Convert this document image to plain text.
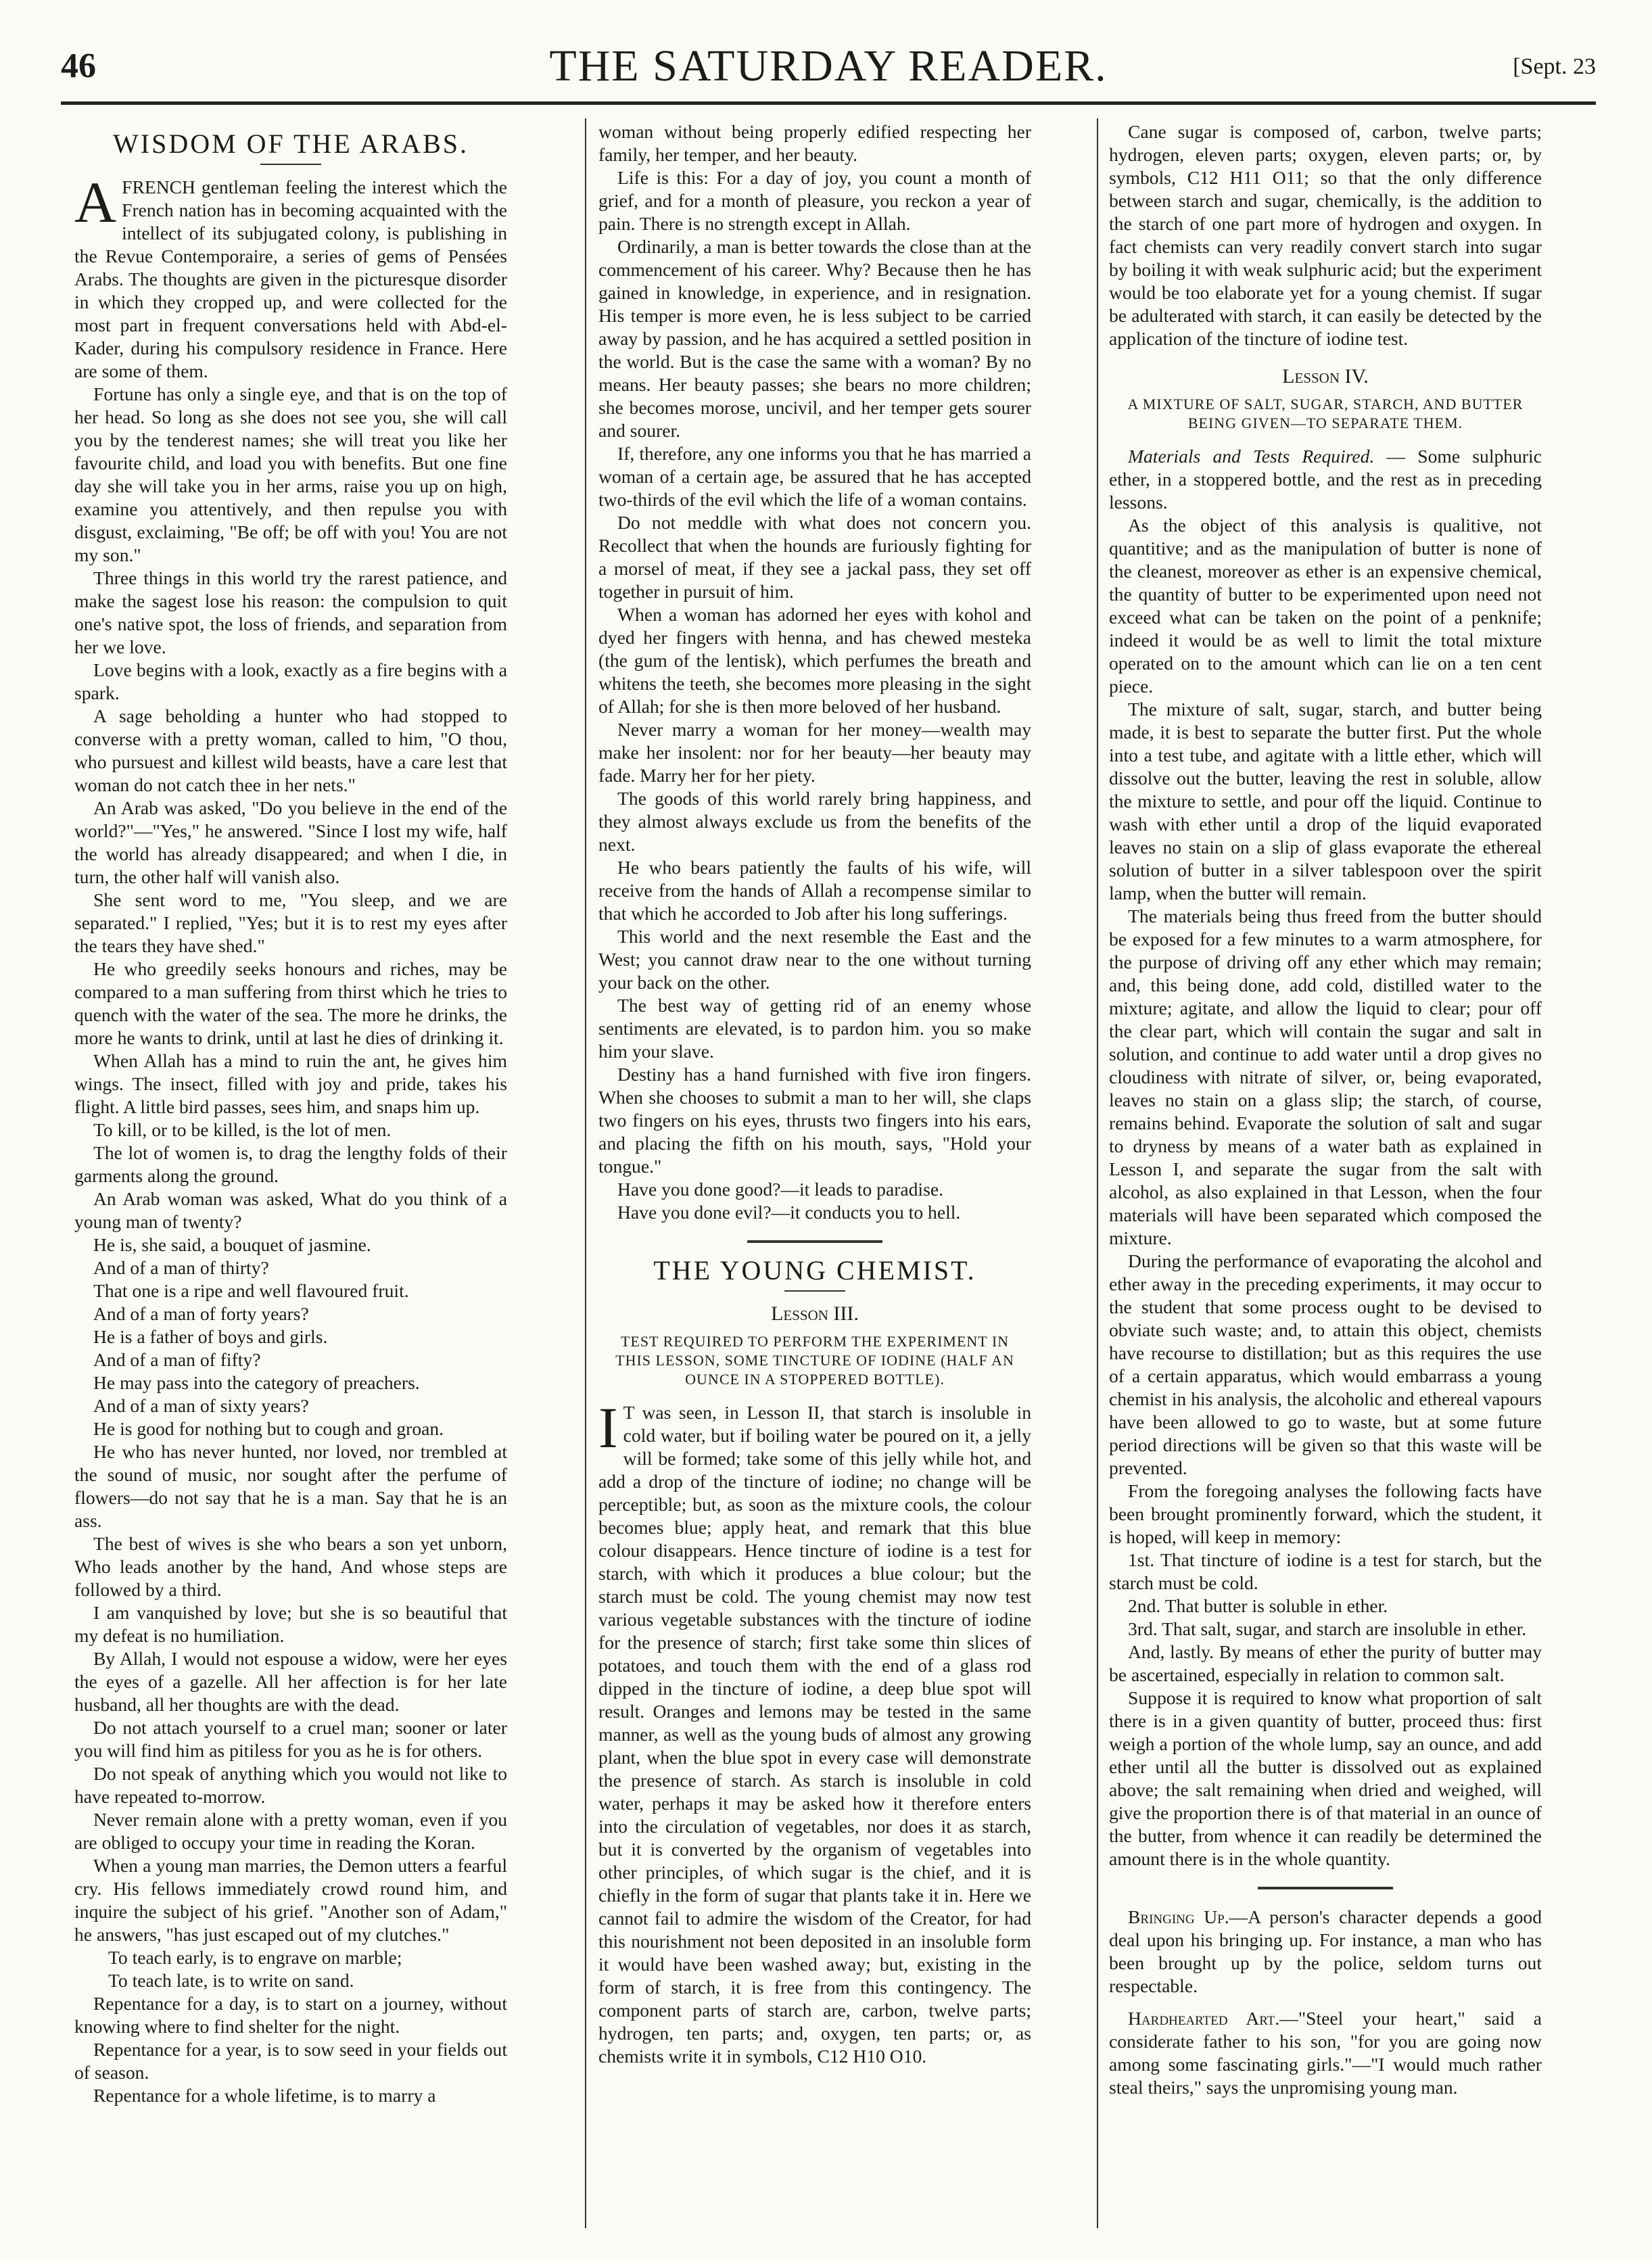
46	THE SATURDAY READER.	[Sept. 23
WISDOM OF THE ARABS.

AFRENCH gentleman feeling the interest which the French nation has in becoming acquainted with the intellect of its subjugated colony, is publishing in the Revue Contemporaire, a series of gems of Pensées Arabs. The thoughts are given in the picturesque disorder in which they cropped up, and were collected for the most part in frequent conversations held with Abd-el-Kader, during his compulsory residence in France. Here are some of them.

Fortune has only a single eye, and that is on the top of her head. So long as she does not see you, she will call you by the tenderest names; she will treat you like her favourite child, and load you with benefits. But one fine day she will take you in her arms, raise you up on high, examine you attentively, and then repulse you with disgust, exclaiming, "Be off; be off with you! You are not my son."

Three things in this world try the rarest patience, and make the sagest lose his reason: the compulsion to quit one's native spot, the loss of friends, and separation from her we love.

Love begins with a look, exactly as a fire begins with a spark.

A sage beholding a hunter who had stopped to converse with a pretty woman, called to him, "O thou, who pursuest and killest wild beasts, have a care lest that woman do not catch thee in her nets."

An Arab was asked, "Do you believe in the end of the world?"—"Yes," he answered. "Since I lost my wife, half the world has already disappeared; and when I die, in turn, the other half will vanish also.

She sent word to me, "You sleep, and we are separated." I replied, "Yes; but it is to rest my eyes after the tears they have shed."

He who greedily seeks honours and riches, may be compared to a man suffering from thirst which he tries to quench with the water of the sea. The more he drinks, the more he wants to drink, until at last he dies of drinking it.

When Allah has a mind to ruin the ant, he gives him wings. The insect, filled with joy and pride, takes his flight. A little bird passes, sees him, and snaps him up.

To kill, or to be killed, is the lot of men.

The lot of women is, to drag the lengthy folds of their garments along the ground.

An Arab woman was asked, What do you think of a young man of twenty?

He is, she said, a bouquet of jasmine.

And of a man of thirty?

That one is a ripe and well flavoured fruit.

And of a man of forty years?

He is a father of boys and girls.

And of a man of fifty?

He may pass into the category of preachers.

And of a man of sixty years?

He is good for nothing but to cough and groan.

He who has never hunted, nor loved, nor trembled at the sound of music, nor sought after the perfume of flowers—do not say that he is a man. Say that he is an ass.

The best of wives is she who bears a son yet unborn, Who leads another by the hand, And whose steps are followed by a third.

I am vanquished by love; but she is so beautiful that my defeat is no humiliation.

By Allah, I would not espouse a widow, were her eyes the eyes of a gazelle. All her affection is for her late husband, all her thoughts are with the dead.

Do not attach yourself to a cruel man; sooner or later you will find him as pitiless for you as he is for others.

Do not speak of anything which you would not like to have repeated to-morrow.

Never remain alone with a pretty woman, even if you are obliged to occupy your time in reading the Koran.

When a young man marries, the Demon utters a fearful cry. His fellows immediately crowd round him, and inquire the subject of his grief. "Another son of Adam," he answers, "has just escaped out of my clutches."

To teach early, is to engrave on marble;

To teach late, is to write on sand.

Repentance for a day, is to start on a journey, without knowing where to find shelter for the night.

Repentance for a year, is to sow seed in your fields out of season.

Repentance for a whole lifetime, is to marry a

woman without being properly edified respecting her family, her temper, and her beauty.

Life is this: For a day of joy, you count a month of grief, and for a month of pleasure, you reckon a year of pain. There is no strength except in Allah.

Ordinarily, a man is better towards the close than at the commencement of his career. Why? Because then he has gained in knowledge, in experience, and in resignation. His temper is more even, he is less subject to be carried away by passion, and he has acquired a settled position in the world. But is the case the same with a woman? By no means. Her beauty passes; she bears no more children; she becomes morose, uncivil, and her temper gets sourer and sourer.

If, therefore, any one informs you that he has married a woman of a certain age, be assured that he has accepted two-thirds of the evil which the life of a woman contains.

Do not meddle with what does not concern you. Recollect that when the hounds are furiously fighting for a morsel of meat, if they see a jackal pass, they set off together in pursuit of him.

When a woman has adorned her eyes with kohol and dyed her fingers with henna, and has chewed mesteka (the gum of the lentisk), which perfumes the breath and whitens the teeth, she becomes more pleasing in the sight of Allah; for she is then more beloved of her husband.

Never marry a woman for her money—wealth may make her insolent: nor for her beauty—her beauty may fade. Marry her for her piety.

The goods of this world rarely bring happiness, and they almost always exclude us from the benefits of the next.

He who bears patiently the faults of his wife, will receive from the hands of Allah a recompense similar to that which he accorded to Job after his long sufferings.

This world and the next resemble the East and the West; you cannot draw near to the one without turning your back on the other.

The best way of getting rid of an enemy whose sentiments are elevated, is to pardon him. you so make him your slave.

Destiny has a hand furnished with five iron fingers. When she chooses to submit a man to her will, she claps two fingers on his eyes, thrusts two fingers into his ears, and placing the fifth on his mouth, says, "Hold your tongue."

Have you done good?—it leads to paradise.

Have you done evil?—it conducts you to hell.

THE YOUNG CHEMIST.
Lesson III.
TEST REQUIRED TO PERFORM THE EXPERIMENT IN THIS LESSON, SOME TINCTURE OF IODINE (HALF AN OUNCE IN A STOPPERED BOTTLE).

I T was seen, in Lesson II, that starch is insoluble in cold water, but if boiling water be poured on it, a jelly will be formed; take some of this jelly while hot, and add a drop of the tincture of iodine; no change will be perceptible; but, as soon as the mixture cools, the colour becomes blue; apply heat, and remark that this blue colour disappears. Hence tincture of iodine is a test for starch, with which it produces a blue colour; but the starch must be cold. The young chemist may now test various vegetable substances with the tincture of iodine for the presence of starch; first take some thin slices of potatoes, and touch them with the end of a glass rod dipped in the tincture of iodine, a deep blue spot will result. Oranges and lemons may be tested in the same manner, as well as the young buds of almost any growing plant, when the blue spot in every case will demonstrate the presence of starch. As starch is insoluble in cold water, perhaps it may be asked how it therefore enters into the circulation of vegetables, nor does it as starch, but it is converted by the organism of vegetables into other principles, of which sugar is the chief, and it is chiefly in the form of sugar that plants take it in. Here we cannot fail to admire the wisdom of the Creator, for had this nourishment not been deposited in an insoluble form it would have been washed away; but, existing in the form of starch, it is free from this contingency. The component parts of starch are, carbon, twelve parts; hydrogen, ten parts; and, oxygen, ten parts; or, as chemists write it in symbols, C12 H10 O10.

Cane sugar is composed of, carbon, twelve parts; hydrogen, eleven parts; oxygen, eleven parts; or, by symbols, C12 H11 O11; so that the only difference between starch and sugar, chemically, is the addition to the starch of one part more of hydrogen and oxygen. In fact chemists can very readily convert starch into sugar by boiling it with weak sulphuric acid; but the experiment would be too elaborate yet for a young chemist. If sugar be adulterated with starch, it can easily be detected by the application of the tincture of iodine test.

Lesson IV.
A MIXTURE OF SALT, SUGAR, STARCH, AND BUTTER BEING GIVEN—TO SEPARATE THEM.

Materials and Tests Required. — Some sulphuric ether, in a stoppered bottle, and the rest as in preceding lessons.

As the object of this analysis is qualitive, not quantitive; and as the manipulation of butter is none of the cleanest, moreover as ether is an expensive chemical, the quantity of butter to be experimented upon need not exceed what can be taken on the point of a penknife; indeed it would be as well to limit the total mixture operated on to the amount which can lie on a ten cent piece.

The mixture of salt, sugar, starch, and butter being made, it is best to separate the butter first. Put the whole into a test tube, and agitate with a little ether, which will dissolve out the butter, leaving the rest in soluble, allow the mixture to settle, and pour off the liquid. Continue to wash with ether until a drop of the liquid evaporated leaves no stain on a slip of glass evaporate the ethereal solution of butter in a silver tablespoon over the spirit lamp, when the butter will remain.

The materials being thus freed from the butter should be exposed for a few minutes to a warm atmosphere, for the purpose of driving off any ether which may remain; and, this being done, add cold, distilled water to the mixture; agitate, and allow the liquid to clear; pour off the clear part, which will contain the sugar and salt in solution, and continue to add water until a drop gives no cloudiness with nitrate of silver, or, being evaporated, leaves no stain on a glass slip; the starch, of course, remains behind. Evaporate the solution of salt and sugar to dryness by means of a water bath as explained in Lesson I, and separate the sugar from the salt with alcohol, as also explained in that Lesson, when the four materials will have been separated which composed the mixture.

During the performance of evaporating the alcohol and ether away in the preceding experiments, it may occur to the student that some process ought to be devised to obviate such waste; and, to attain this object, chemists have recourse to distillation; but as this requires the use of a certain apparatus, which would embarrass a young chemist in his analysis, the alcoholic and ethereal vapours have been allowed to go to waste, but at some future period directions will be given so that this waste will be prevented.

From the foregoing analyses the following facts have been brought prominently forward, which the student, it is hoped, will keep in memory:

1st. That tincture of iodine is a test for starch, but the starch must be cold.

2nd. That butter is soluble in ether.

3rd. That salt, sugar, and starch are insoluble in ether.

And, lastly. By means of ether the purity of butter may be ascertained, especially in relation to common salt.

Suppose it is required to know what proportion of salt there is in a given quantity of butter, proceed thus: first weigh a portion of the whole lump, say an ounce, and add ether until all the butter is dissolved out as explained above; the salt remaining when dried and weighed, will give the proportion there is of that material in an ounce of the butter, from whence it can readily be determined the amount there is in the whole quantity.

Bringing Up.—A person's character depends a good deal upon his bringing up. For instance, a man who has been brought up by the police, seldom turns out respectable.

Hardhearted Art.—"Steel your heart," said a considerate father to his son, "for you are going now among some fascinating girls."—"I would much rather steal theirs," says the unpromising young man.
